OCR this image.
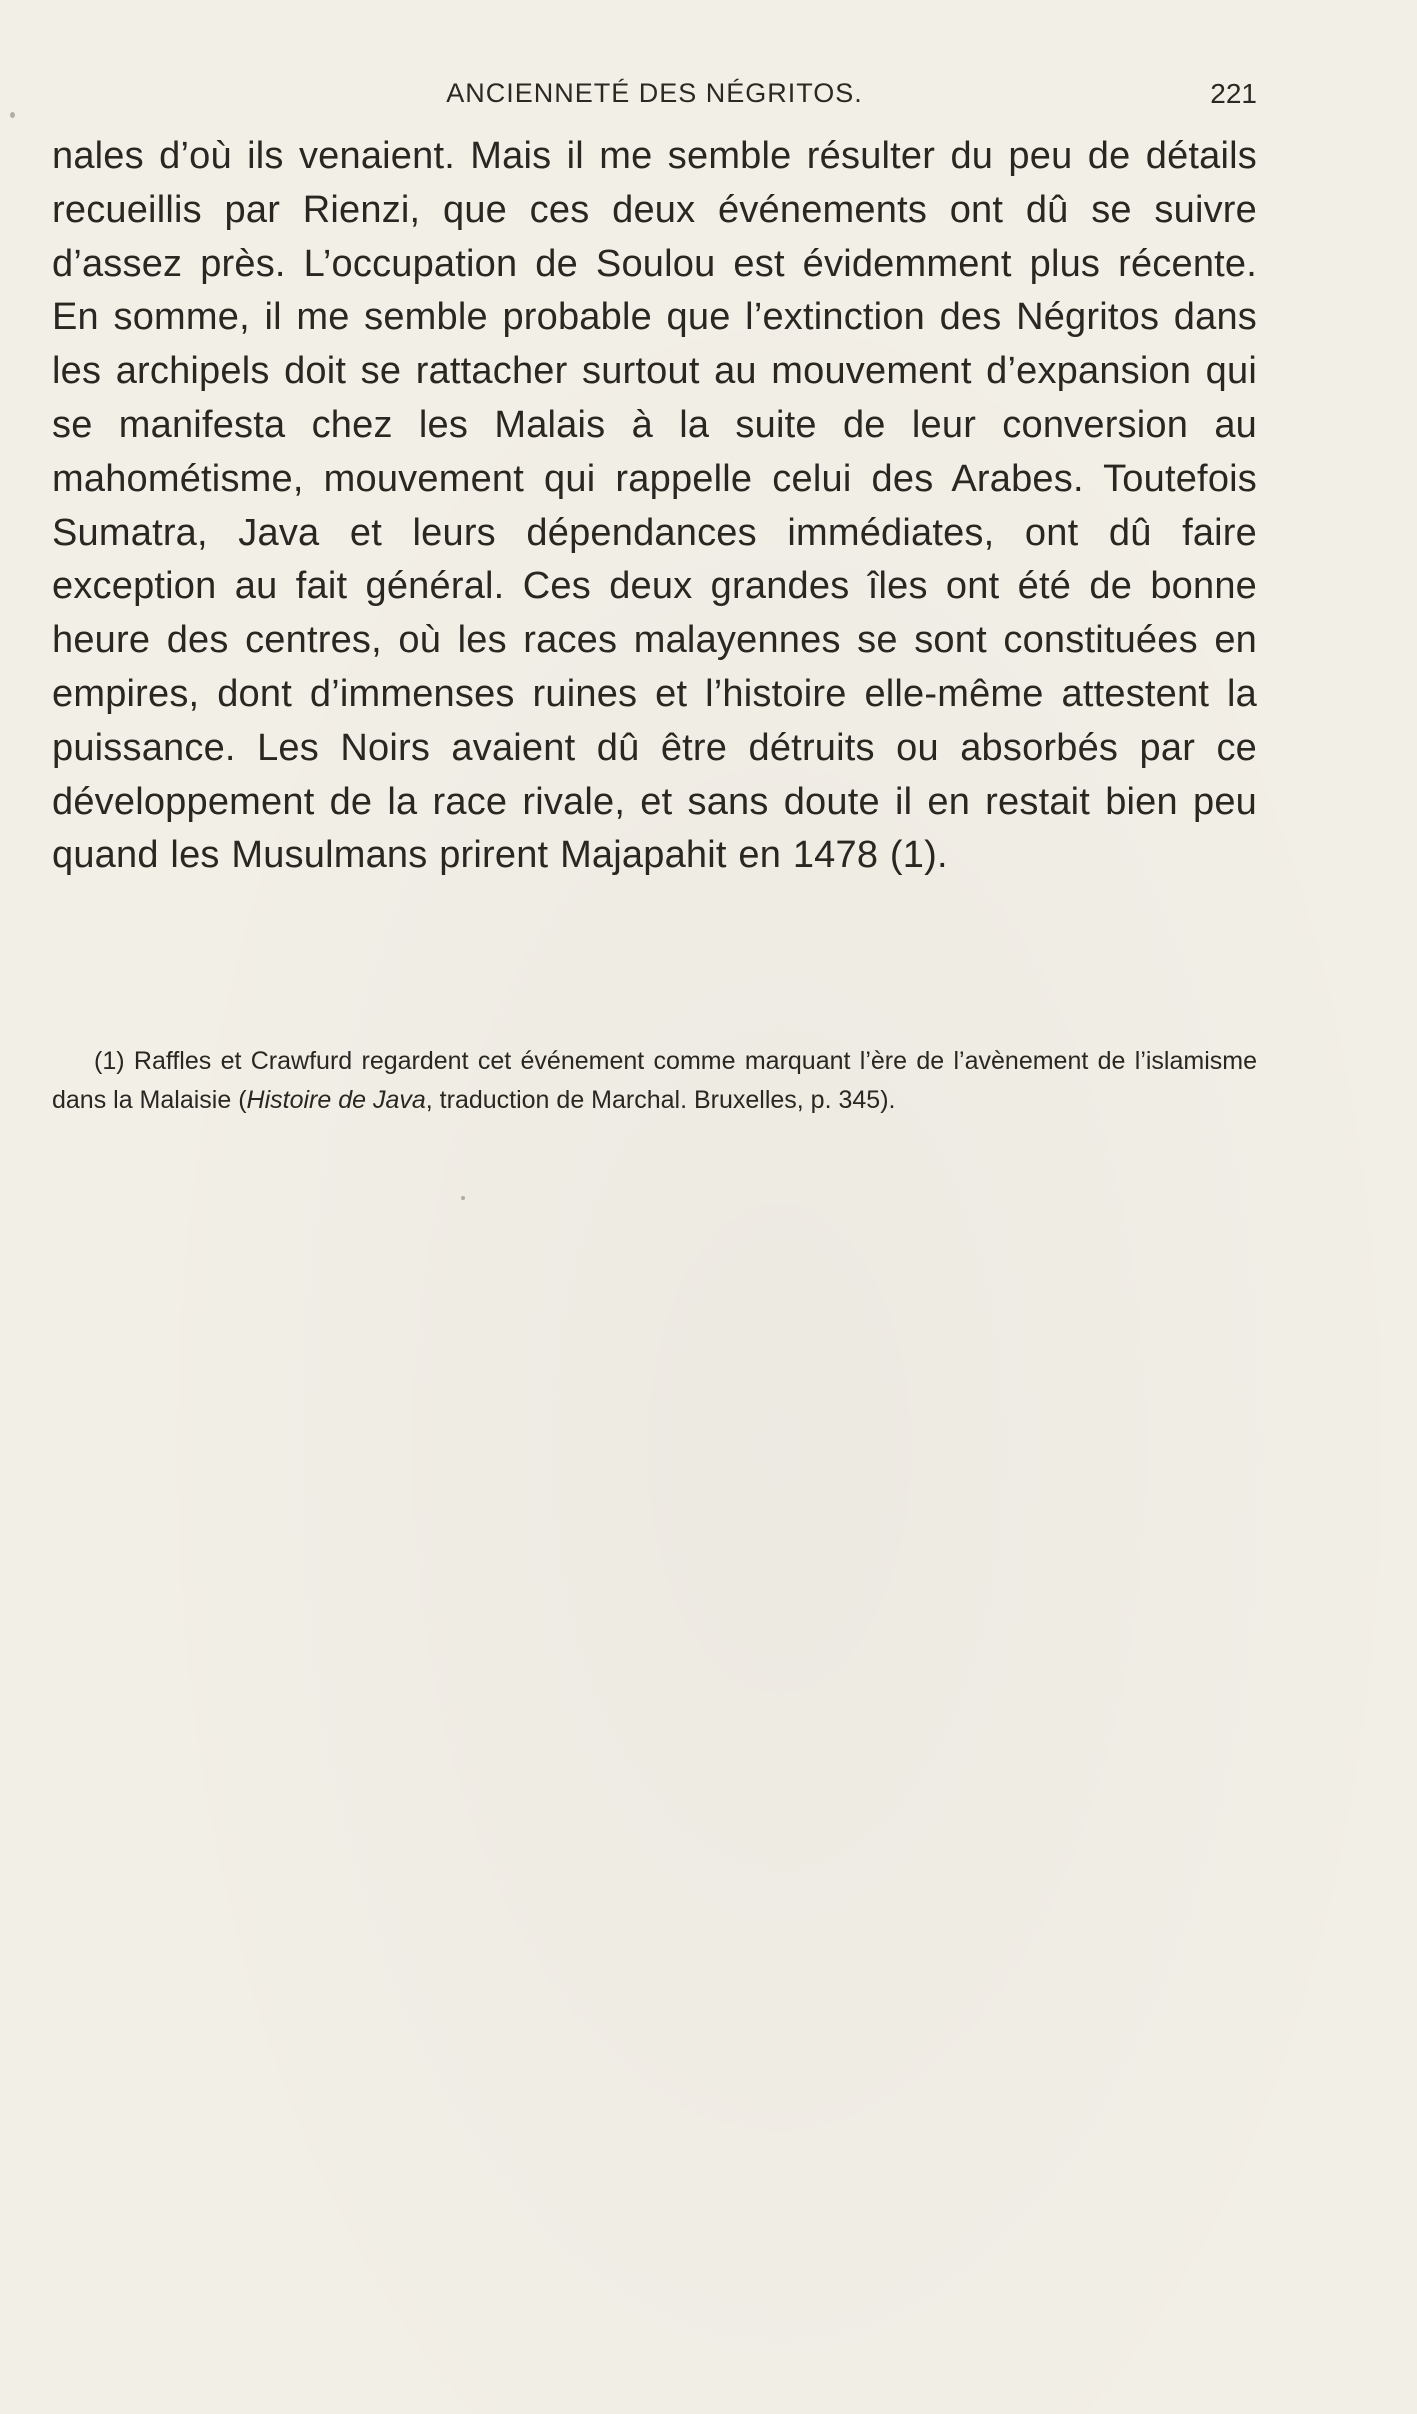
ANCIENNETÉ DES NÉGRITOS.	221

nales d’où ils venaient. Mais il me semble résulter du peu de détails recueillis par Rienzi, que ces deux événements ont dû se suivre d’assez près. L’occupation de Soulou est évidemment plus récente. En somme, il me semble probable que l’extinction des Négritos dans les archipels doit se rattacher surtout au mouvement d’expansion qui se manifesta chez les Malais à la suite de leur conversion au mahométisme, mouvement qui rappelle celui des Arabes. Toutefois Sumatra, Java et leurs dépendances immédiates, ont dû faire exception au fait général. Ces deux grandes îles ont été de bonne heure des centres, où les races malayennes se sont constituées en empires, dont d’immenses ruines et l’histoire elle-même attestent la puissance. Les Noirs avaient dû être détruits ou absorbés par ce développement de la race rivale, et sans doute il en restait bien peu quand les Musulmans prirent Majapahit en 1478 (1).

(1) Raffles et Crawfurd regardent cet événement comme marquant l’ère de l’avènement de l’islamisme dans la Malaisie (Histoire de Java, traduction de Marchal. Bruxelles, p. 345).
